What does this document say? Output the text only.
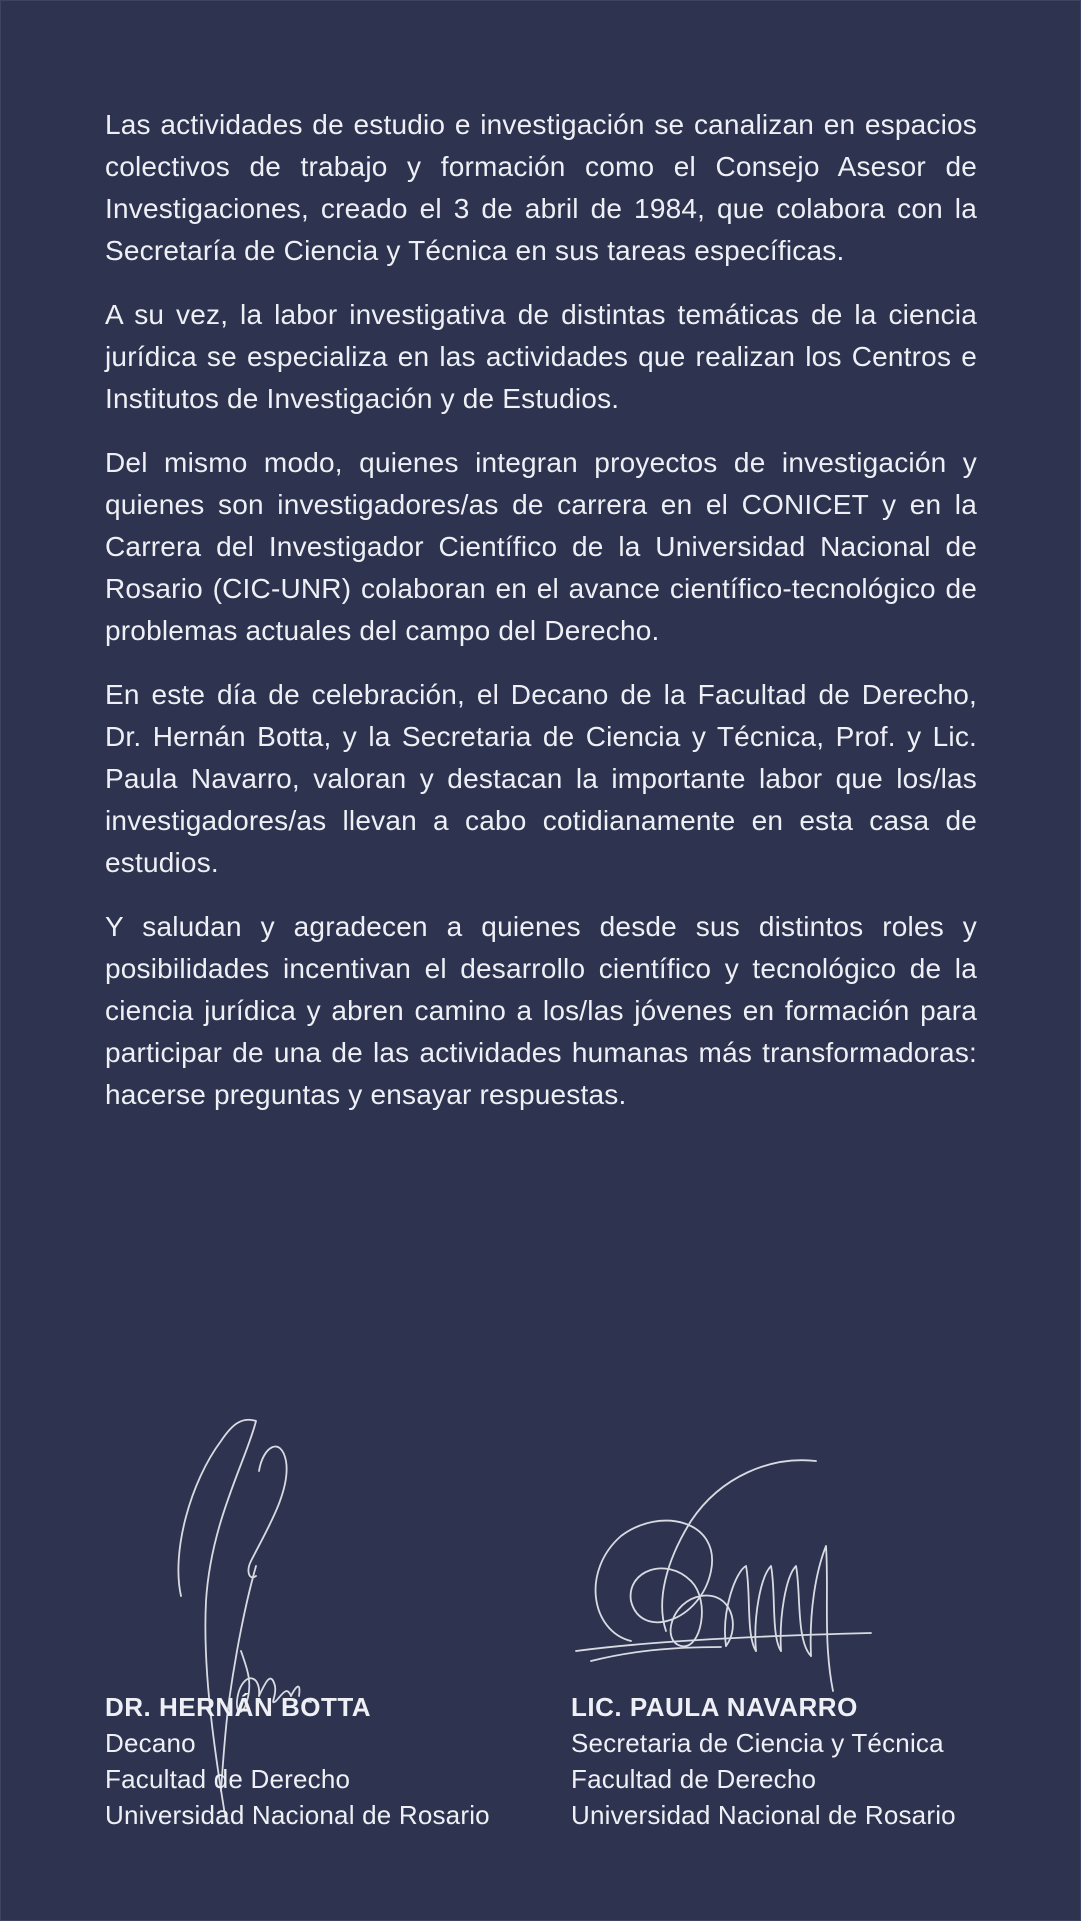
Las actividades de estudio e investigación se canalizan en espacios colectivos de trabajo y formación como el Consejo Asesor de Investigaciones, creado el 3 de abril de 1984, que colabora con la Secretaría de Ciencia y Técnica en sus tareas específicas.

A su vez, la labor investigativa de distintas temáticas de la ciencia jurídica se especializa en las actividades que realizan los Centros e Institutos de Investigación y de Estudios.

Del mismo modo, quienes integran proyectos de investigación y quienes son investigadores/as de carrera en el CONICET y en la Carrera del Investigador Científico de la Universidad Nacional de Rosario (CIC-UNR) colaboran en el avance científico-tecnológico de problemas actuales del campo del Derecho.

En este día de celebración, el Decano de la Facultad de Derecho, Dr. Hernán Botta, y la Secretaria de Ciencia y Técnica, Prof. y Lic. Paula Navarro, valoran y destacan la importante labor que los/las investigadores/as llevan a cabo cotidianamente en esta casa de estudios.

Y saludan y agradecen a quienes desde sus distintos roles y posibilidades incentivan el desarrollo científico y tecnológico de la ciencia jurídica y abren camino a los/las jóvenes en formación para participar de una de las actividades humanas más transformadoras: hacerse preguntas y ensayar respuestas.

DR. HERNÁN BOTTA
Decano
Facultad de Derecho
Universidad Nacional de Rosario
LIC. PAULA NAVARRO
Secretaria de Ciencia y Técnica
Facultad de Derecho
Universidad Nacional de Rosario
